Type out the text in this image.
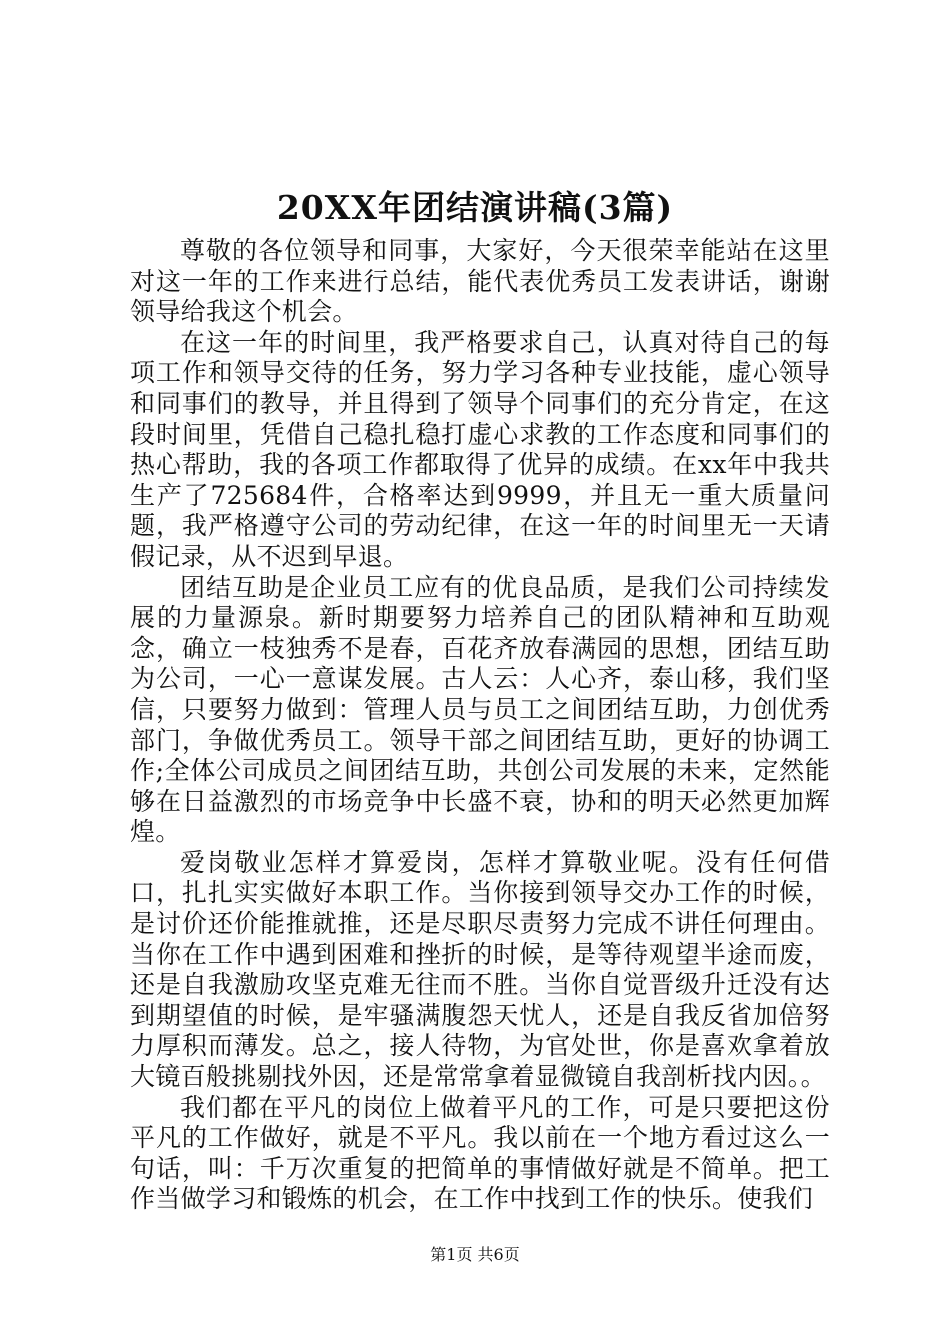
20XX年团结演讲稿(3篇)

尊敬的各位领导和同事，大家好，今天很荣幸能站在这里对这一年的工作来进行总结，能代表优秀员工发表讲话，谢谢领导给我这个机会。

在这一年的时间里，我严格要求自己，认真对待自己的每项工作和领导交待的任务，努力学习各种专业技能，虚心领导和同事们的教导，并且得到了领导个同事们的充分肯定，在这段时间里，凭借自己稳扎稳打虚心求教的工作态度和同事们的热心帮助，我的各项工作都取得了优异的成绩。在xx年中我共生产了725684件，合格率达到9999，并且无一重大质量问题，我严格遵守公司的劳动纪律，在这一年的时间里无一天请假记录，从不迟到早退。

团结互助是企业员工应有的优良品质，是我们公司持续发展的力量源泉。新时期要努力培养自己的团队精神和互助观念，确立一枝独秀不是春，百花齐放春满园的思想，团结互助为公司，一心一意谋发展。古人云：人心齐，泰山移，我们坚信，只要努力做到：管理人员与员工之间团结互助，力创优秀部门，争做优秀员工。领导干部之间团结互助，更好的协调工作;全体公司成员之间团结互助，共创公司发展的未来，定然能够在日益激烈的市场竞争中长盛不衰，协和的明天必然更加辉煌。

爱岗敬业怎样才算爱岗，怎样才算敬业呢。没有任何借口，扎扎实实做好本职工作。当你接到领导交办工作的时候，是讨价还价能推就推，还是尽职尽责努力完成不讲任何理由。当你在工作中遇到困难和挫折的时候，是等待观望半途而废，还是自我激励攻坚克难无往而不胜。当你自觉晋级升迁没有达到期望值的时候，是牢骚满腹怨天忧人，还是自我反省加倍努力厚积而薄发。总之，接人待物，为官处世，你是喜欢拿着放大镜百般挑剔找外因，还是常常拿着显微镜自我剖析找内因。。

我们都在平凡的岗位上做着平凡的工作，可是只要把这份平凡的工作做好，就是不平凡。我以前在一个地方看过这么一句话，叫：千万次重复的把简单的事情做好就是不简单。把工作当做学习和锻炼的机会，在工作中找到工作的快乐。使我们

第1页 共6页
